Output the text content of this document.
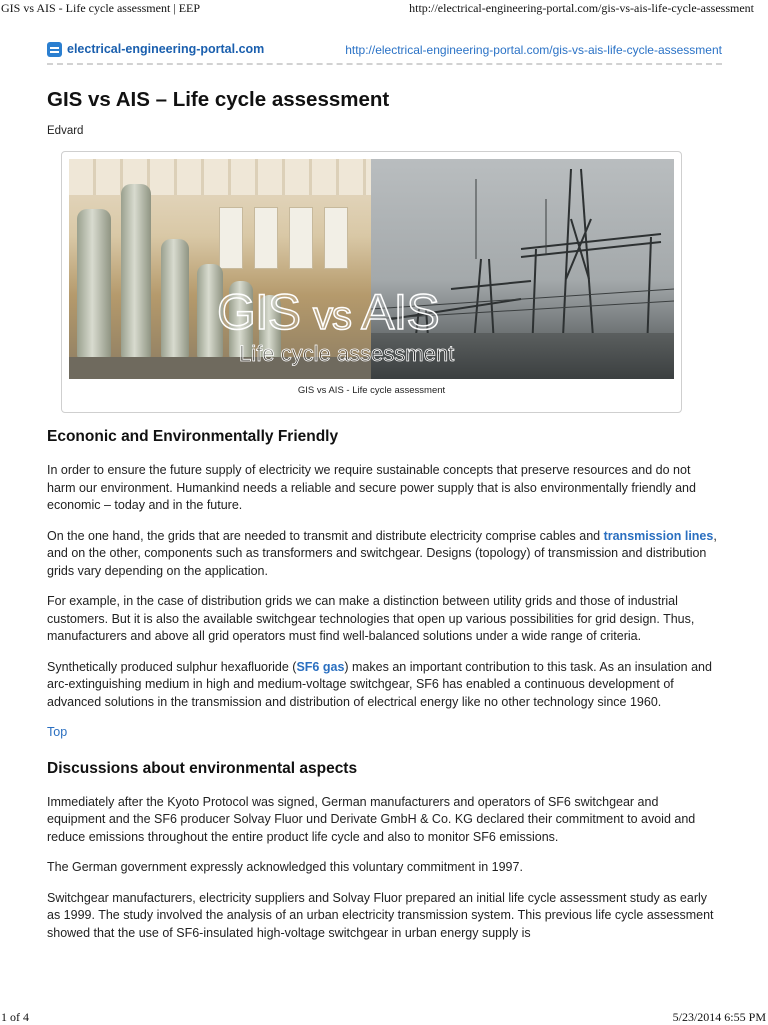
GIS vs AIS - Life cycle assessment | EEP	http://electrical-engineering-portal.com/gis-vs-ais-life-cycle-assessment
electrical-engineering-portal.com	http://electrical-engineering-portal.com/gis-vs-ais-life-cycle-assessment
GIS vs AIS – Life cycle assessment
Edvard
GIS vs AIS
Life cycle assessment
GIS vs AIS - Life cycle assessment
Econonic and Environmentally Friendly

In order to ensure the future supply of electricity we require sustainable concepts that preserve resources and do not harm our environment. Humankind needs a reliable and secure power supply that is also environmentally friendly and economic – today and in the future.

On the one hand, the grids that are needed to transmit and distribute electricity comprise cables and transmission lines, and on the other, components such as transformers and switchgear. Designs (topology) of transmission and distribution grids vary depending on the application.

For example, in the case of distribution grids we can make a distinction between utility grids and those of industrial customers. But it is also the available switchgear technologies that open up various possibilities for grid design. Thus, manufacturers and above all grid operators must find well-balanced solutions under a wide range of criteria.

Synthetically produced sulphur hexafluoride (SF6 gas) makes an important contribution to this task. As an insulation and arc-extinguishing medium in high and medium-voltage switchgear, SF6 has enabled a continuous development of advanced solutions in the transmission and distribution of electrical energy like no other technology since 1960.

Top

Discussions about environmental aspects

Immediately after the Kyoto Protocol was signed, German manufacturers and operators of SF6 switchgear and equipment and the SF6 producer Solvay Fluor und Derivate GmbH & Co. KG declared their commitment to avoid and reduce emissions throughout the entire product life cycle and also to monitor SF6 emissions.

The German government expressly acknowledged this voluntary commitment in 1997.

Switchgear manufacturers, electricity suppliers and Solvay Fluor prepared an initial life cycle assessment study as early as 1999. The study involved the analysis of an urban electricity transmission system. This previous life cycle assessment showed that the use of SF6-insulated high-voltage switchgear in urban energy supply is

1 of 4	5/23/2014 6:55 PM
